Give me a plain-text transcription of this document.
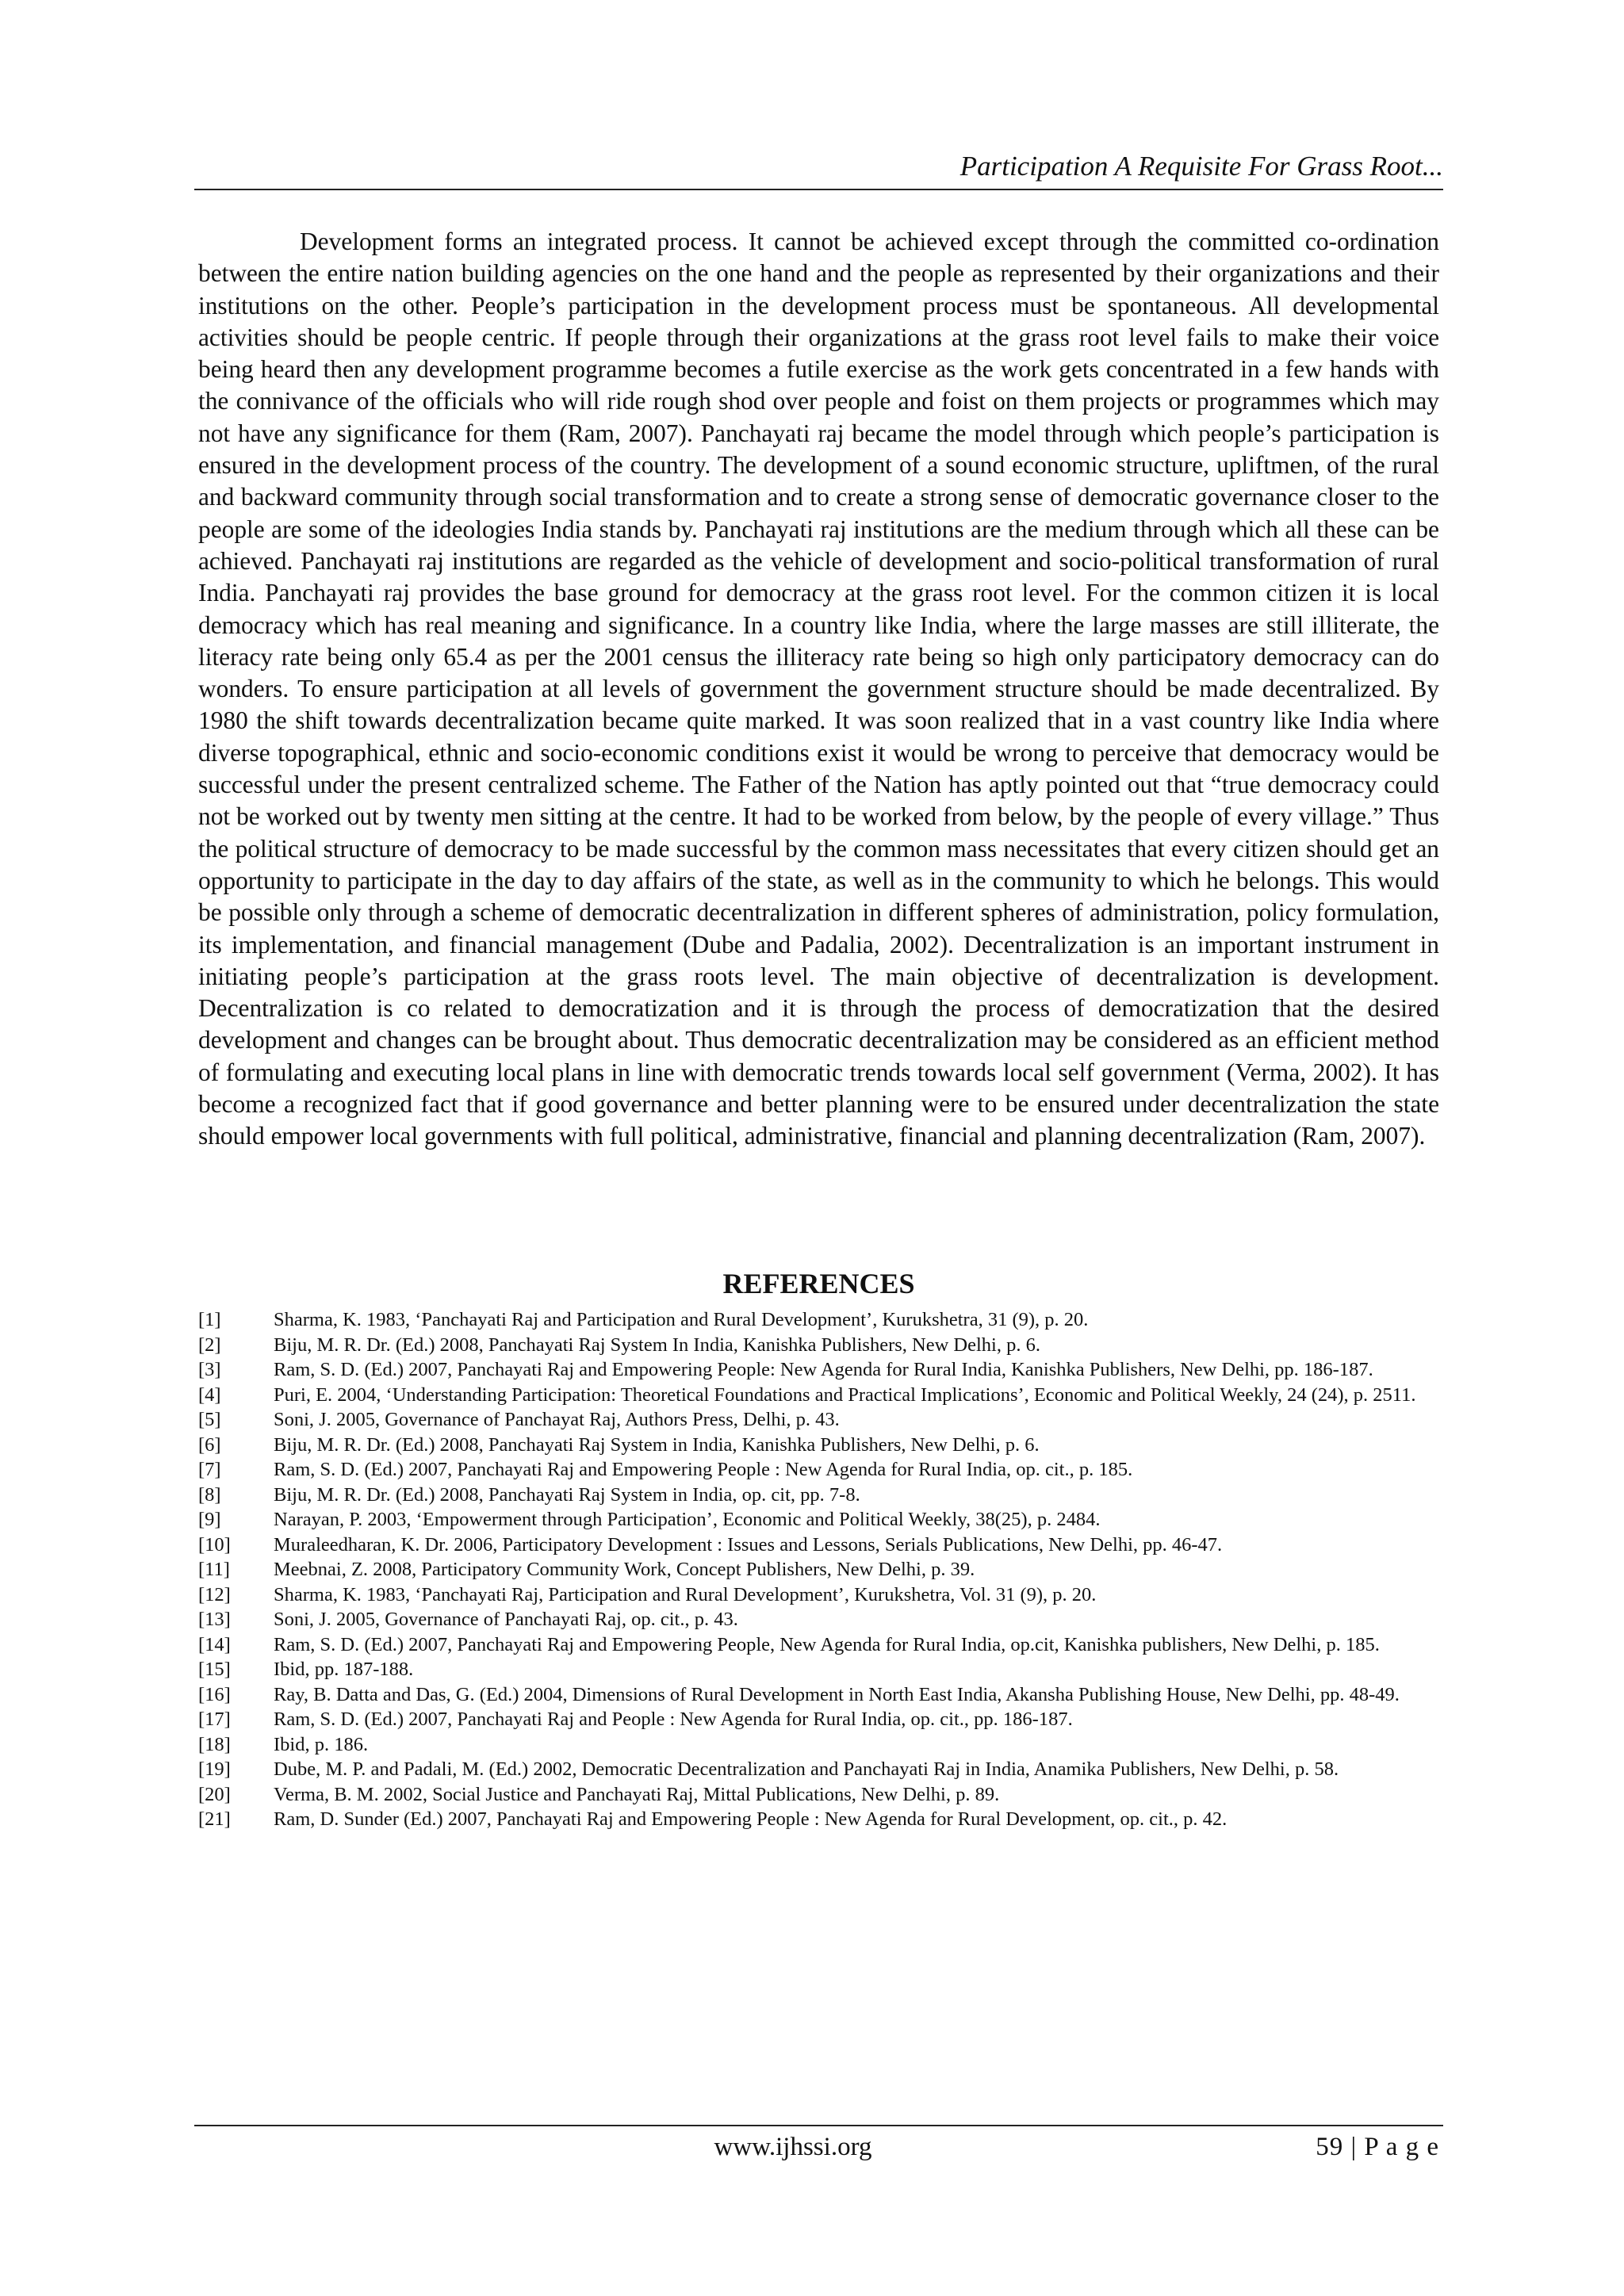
Participation A Requisite For Grass Root...

Development forms an integrated process. It cannot be achieved except through the committed co-ordination between the entire nation building agencies on the one hand and the people as represented by their organizations and their institutions on the other. People’s participation in the development process must be spontaneous. All developmental activities should be people centric. If people through their organizations at the grass root level fails to make their voice being heard then any development programme becomes a futile exercise as the work gets concentrated in a few hands with the connivance of the officials who will ride rough shod over people and foist on them projects or programmes which may not have any significance for them (Ram, 2007). Panchayati raj became the model through which people’s participation is ensured in the development process of the country. The development of a sound economic structure, upliftmen, of the rural and backward community through social transformation and to create a strong sense of democratic governance closer to the people are some of the ideologies India stands by. Panchayati raj institutions are the medium through which all these can be achieved. Panchayati raj institutions are regarded as the vehicle of development and socio-political transformation of rural India. Panchayati raj provides the base ground for democracy at the grass root level. For the common citizen it is local democracy which has real meaning and significance. In a country like India, where the large masses are still illiterate, the literacy rate being only 65.4 as per the 2001 census the illiteracy rate being so high only participatory democracy can do wonders. To ensure participation at all levels of government the government structure should be made decentralized. By 1980 the shift towards decentralization became quite marked. It was soon realized that in a vast country like India where diverse topographical, ethnic and socio-economic conditions exist it would be wrong to perceive that democracy would be successful under the present centralized scheme. The Father of the Nation has aptly pointed out that “true democracy could not be worked out by twenty men sitting at the centre. It had to be worked from below, by the people of every village.” Thus the political structure of democracy to be made successful by the common mass necessitates that every citizen should get an opportunity to participate in the day to day affairs of the state, as well as in the community to which he belongs. This would be possible only through a scheme of democratic decentralization in different spheres of administration, policy formulation, its implementation, and financial management (Dube and Padalia, 2002). Decentralization is an important instrument in initiating people’s participation at the grass roots level. The main objective of decentralization is development. Decentralization is co related to democratization and it is through the process of democratization that the desired development and changes can be brought about. Thus democratic decentralization may be considered as an efficient method of formulating and executing local plans in line with democratic trends towards local self government (Verma, 2002). It has become a recognized fact that if good governance and better planning were to be ensured under decentralization the state should empower local governments with full political, administrative, financial and planning decentralization (Ram, 2007).

REFERENCES
[1]	Sharma, K. 1983, ‘Panchayati Raj and Participation and Rural Development’, Kurukshetra, 31 (9), p. 20.
[2]	Biju, M. R. Dr. (Ed.) 2008, Panchayati Raj System In India, Kanishka Publishers, New Delhi, p. 6.
[3]	Ram, S. D. (Ed.) 2007, Panchayati Raj and Empowering People: New Agenda for Rural India, Kanishka Publishers, New Delhi, pp. 186-187.
[4]	Puri, E. 2004, ‘Understanding Participation: Theoretical Foundations and Practical Implications’, Economic and Political Weekly, 24 (24), p. 2511.
[5]	Soni, J. 2005, Governance of Panchayat Raj, Authors Press, Delhi, p. 43.
[6]	Biju, M. R. Dr. (Ed.) 2008, Panchayati Raj System in India, Kanishka Publishers, New Delhi, p. 6.
[7]	Ram, S. D. (Ed.) 2007, Panchayati Raj and Empowering People : New Agenda for Rural India, op. cit., p. 185.
[8]	Biju, M. R. Dr. (Ed.) 2008, Panchayati Raj System in India, op. cit, pp. 7-8.
[9]	Narayan, P. 2003, ‘Empowerment through Participation’, Economic and Political Weekly, 38(25), p. 2484.
[10]	Muraleedharan, K. Dr. 2006, Participatory Development : Issues and Lessons, Serials Publications, New Delhi, pp. 46-47.
[11]	Meebnai, Z. 2008, Participatory Community Work, Concept Publishers, New Delhi, p. 39.
[12]	Sharma, K. 1983, ‘Panchayati Raj, Participation and Rural Development’, Kurukshetra, Vol. 31 (9), p. 20.
[13]	Soni, J. 2005, Governance of Panchayati Raj, op. cit., p. 43.
[14]	Ram, S. D. (Ed.) 2007, Panchayati Raj and Empowering People, New Agenda for Rural India, op.cit, Kanishka publishers, New Delhi, p. 185.
[15]	Ibid, pp. 187-188.
[16]	Ray, B. Datta and Das, G. (Ed.) 2004, Dimensions of Rural Development in North East India, Akansha Publishing House, New Delhi, pp. 48-49.
[17]	Ram, S. D. (Ed.) 2007, Panchayati Raj and People : New Agenda for Rural India, op. cit., pp. 186-187.
[18]	Ibid, p. 186.
[19]	Dube, M. P. and Padali, M. (Ed.) 2002, Democratic Decentralization and Panchayati Raj in India, Anamika Publishers, New Delhi, p. 58.
[20]	Verma, B. M. 2002, Social Justice and Panchayati Raj, Mittal Publications, New Delhi, p. 89.
[21]	Ram, D. Sunder (Ed.) 2007, Panchayati Raj and Empowering People : New Agenda for Rural Development, op. cit., p. 42.
www.ijhssi.org	59 | P a g e
